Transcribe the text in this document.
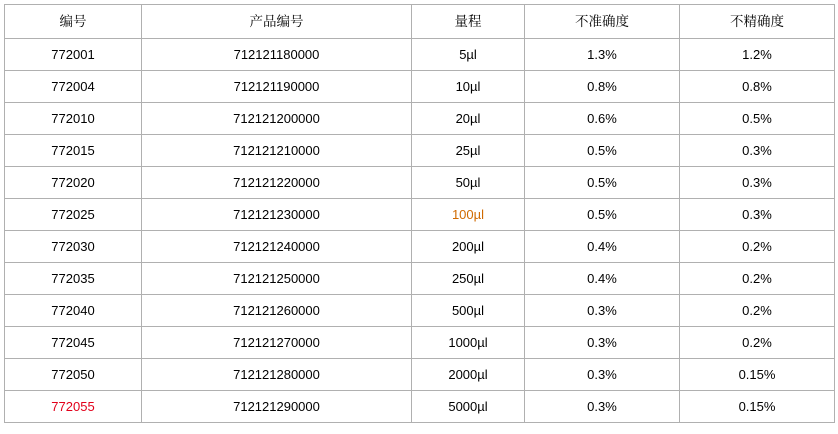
编号	产品编号	量程	不准确度	不精确度
772001	712121180000	5µl	1.3%	1.2%
772004	712121190000	10µl	0.8%	0.8%
772010	712121200000	20µl	0.6%	0.5%
772015	712121210000	25µl	0.5%	0.3%
772020	712121220000	50µl	0.5%	0.3%
772025	712121230000	100µl	0.5%	0.3%
772030	712121240000	200µl	0.4%	0.2%
772035	712121250000	250µl	0.4%	0.2%
772040	712121260000	500µl	0.3%	0.2%
772045	712121270000	1000µl	0.3%	0.2%
772050	712121280000	2000µl	0.3%	0.15%
772055	712121290000	5000µl	0.3%	0.15%
